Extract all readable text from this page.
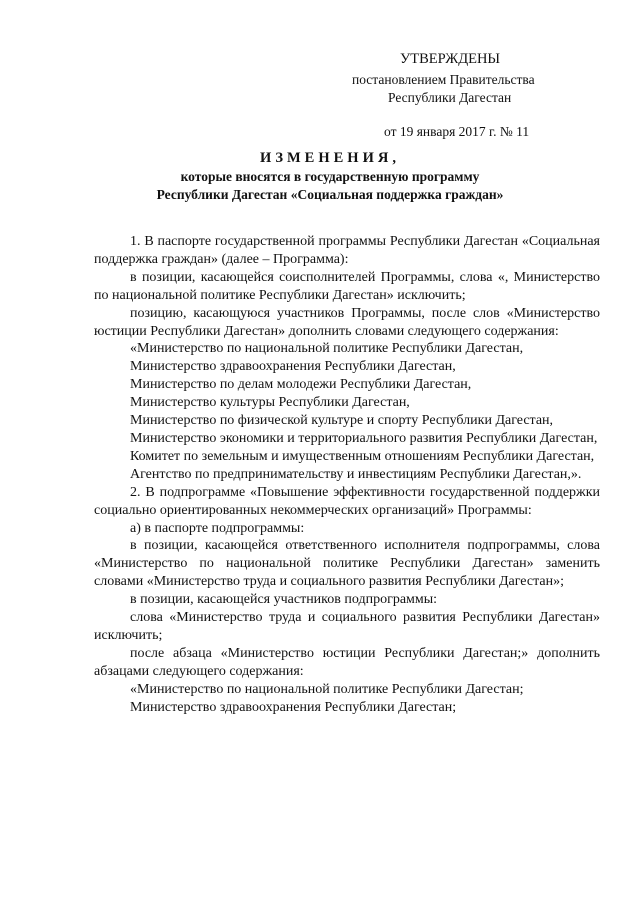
УТВЕРЖДЕНЫ
постановлением Правительства
Республики Дагестан
от 19 января 2017 г. № 11
ИЗМЕНЕНИЯ,
которые вносятся в государственную программу
Республики Дагестан «Социальная поддержка граждан»

1. В паспорте государственной программы Республики Дагестан «Социальная поддержка граждан» (далее – Программа):

в позиции, касающейся соисполнителей Программы, слова «, Министерство по национальной политике Республики Дагестан» исключить;

позицию, касающуюся участников Программы, после слов «Министерство юстиции Республики Дагестан» дополнить словами следующего содержания:

«Министерство по национальной политике Республики Дагестан,

Министерство здравоохранения Республики Дагестан,

Министерство по делам молодежи Республики Дагестан,

Министерство культуры Республики Дагестан,

Министерство по физической культуре и спорту Республики Дагестан,

Министерство экономики и территориального развития Республики Дагестан,

Комитет по земельным и имущественным отношениям Республики Дагестан,

Агентство по предпринимательству и инвестициям Республики Дагестан,».

2. В подпрограмме «Повышение эффективности государственной поддержки социально ориентированных некоммерческих организаций» Программы:

а) в паспорте подпрограммы:

в позиции, касающейся ответственного исполнителя подпрограммы, слова «Министерство по национальной политике Республики Дагестан» заменить словами «Министерство труда и социального развития Республики Дагестан»;

в позиции, касающейся участников подпрограммы:

слова «Министерство труда и социального развития Республики Дагестан» исключить;

после абзаца «Министерство юстиции Республики Дагестан;» дополнить абзацами следующего содержания:

«Министерство по национальной политике Республики Дагестан;

Министерство здравоохранения Республики Дагестан;
